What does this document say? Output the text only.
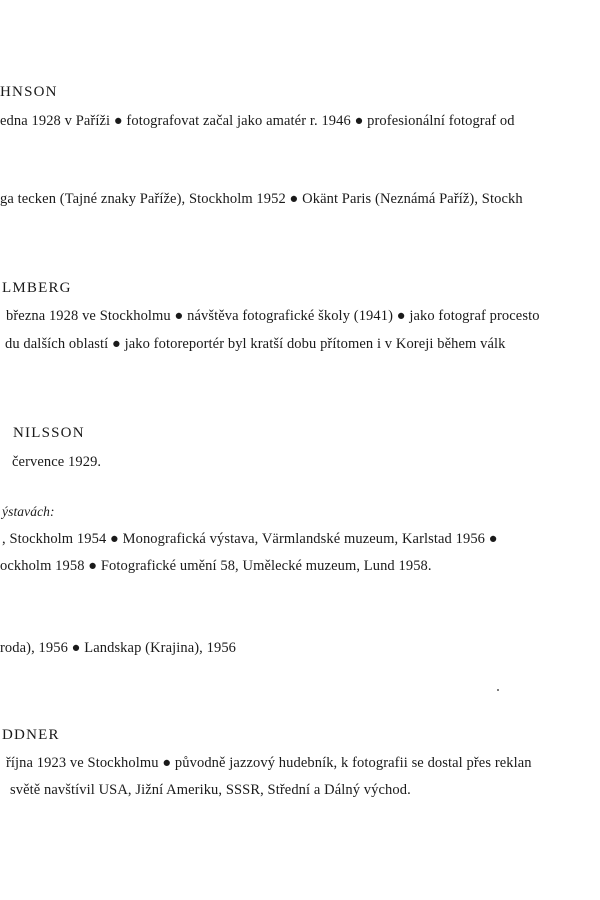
HNSON
edna 1928 v Paříži ● fotografovat začal jako amatér r. 1946 ● profesionální fotograf od
ga tecken (Tajné znaky Paříže), Stockholm 1952 ● Okänt Paris (Neznámá Paříž), Stockh
LMBERG
března 1928 ve Stockholmu ● návštěva fotografické školy (1941) ● jako fotograf procesto
du dalších oblastí ● jako fotoreportér byl kratší dobu přítomen i v Koreji během válk
NILSSON
července 1929.
ýstavách:
, Stockholm 1954 ● Monografická výstava, Värmlandské muzeum, Karlstad 1956 ●
ockholm 1958 ● Fotografické umění 58, Umělecké muzeum, Lund 1958.
roda), 1956 ● Landskap (Krajina), 1956
DDNER
října 1923 ve Stockholmu ● původně jazzový hudebník, k fotografii se dostal přes reklan
světě navštívil USA, Jižní Ameriku, SSSR, Střední a Dálný východ.
